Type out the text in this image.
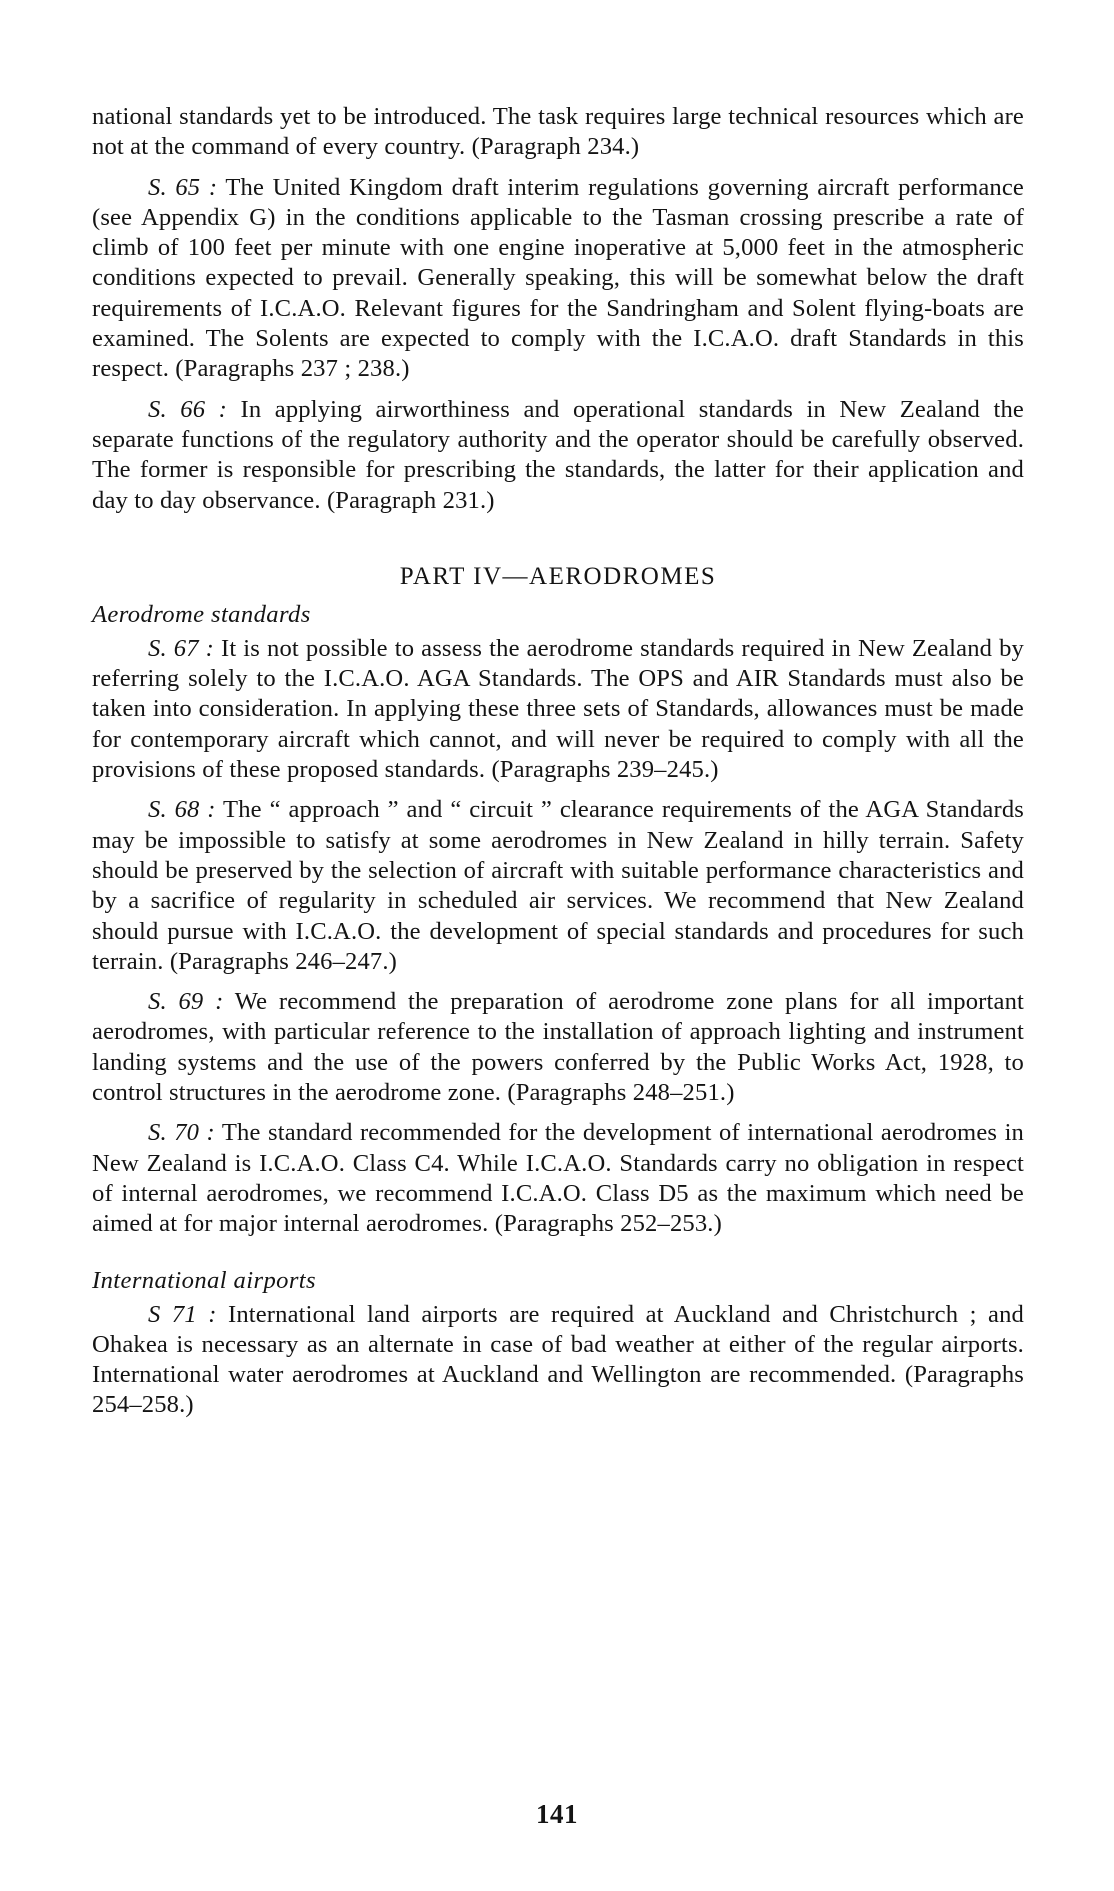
national standards yet to be introduced. The task requires large technical resources which are not at the command of every country. (Paragraph 234.)

S. 65 : The United Kingdom draft interim regulations governing aircraft performance (see Appendix G) in the conditions applicable to the Tasman crossing prescribe a rate of climb of 100 feet per minute with one engine inoperative at 5,000 feet in the atmospheric conditions expected to prevail. Generally speaking, this will be somewhat below the draft requirements of I.C.A.O. Relevant figures for the Sandringham and Solent flying-boats are examined. The Solents are expected to comply with the I.C.A.O. draft Standards in this respect. (Paragraphs 237 ; 238.)

S. 66 : In applying airworthiness and operational standards in New Zealand the separate functions of the regulatory authority and the operator should be carefully observed. The former is responsible for prescribing the standards, the latter for their application and day to day observance. (Paragraph 231.)

PART IV—AERODROMES
Aerodrome standards

S. 67 : It is not possible to assess the aerodrome standards required in New Zealand by referring solely to the I.C.A.O. AGA Standards. The OPS and AIR Standards must also be taken into consideration. In applying these three sets of Standards, allowances must be made for contemporary aircraft which cannot, and will never be required to comply with all the provisions of these proposed standards. (Paragraphs 239–245.)

S. 68 : The “ approach ” and “ circuit ” clearance requirements of the AGA Standards may be impossible to satisfy at some aerodromes in New Zealand in hilly terrain. Safety should be preserved by the selection of aircraft with suitable performance characteristics and by a sacrifice of regularity in scheduled air services. We recommend that New Zealand should pursue with I.C.A.O. the development of special standards and procedures for such terrain. (Paragraphs 246–247.)

S. 69 : We recommend the preparation of aerodrome zone plans for all important aerodromes, with particular reference to the installation of approach lighting and instrument landing systems and the use of the powers conferred by the Public Works Act, 1928, to control structures in the aerodrome zone. (Paragraphs 248–251.)

S. 70 : The standard recommended for the development of international aerodromes in New Zealand is I.C.A.O. Class C4. While I.C.A.O. Standards carry no obligation in respect of internal aerodromes, we recommend I.C.A.O. Class D5 as the maximum which need be aimed at for major internal aerodromes. (Paragraphs 252–253.)

International airports

S 71 : International land airports are required at Auckland and Christchurch ; and Ohakea is necessary as an alternate in case of bad weather at either of the regular airports. International water aerodromes at Auckland and Wellington are recommended. (Paragraphs 254–258.)

141
